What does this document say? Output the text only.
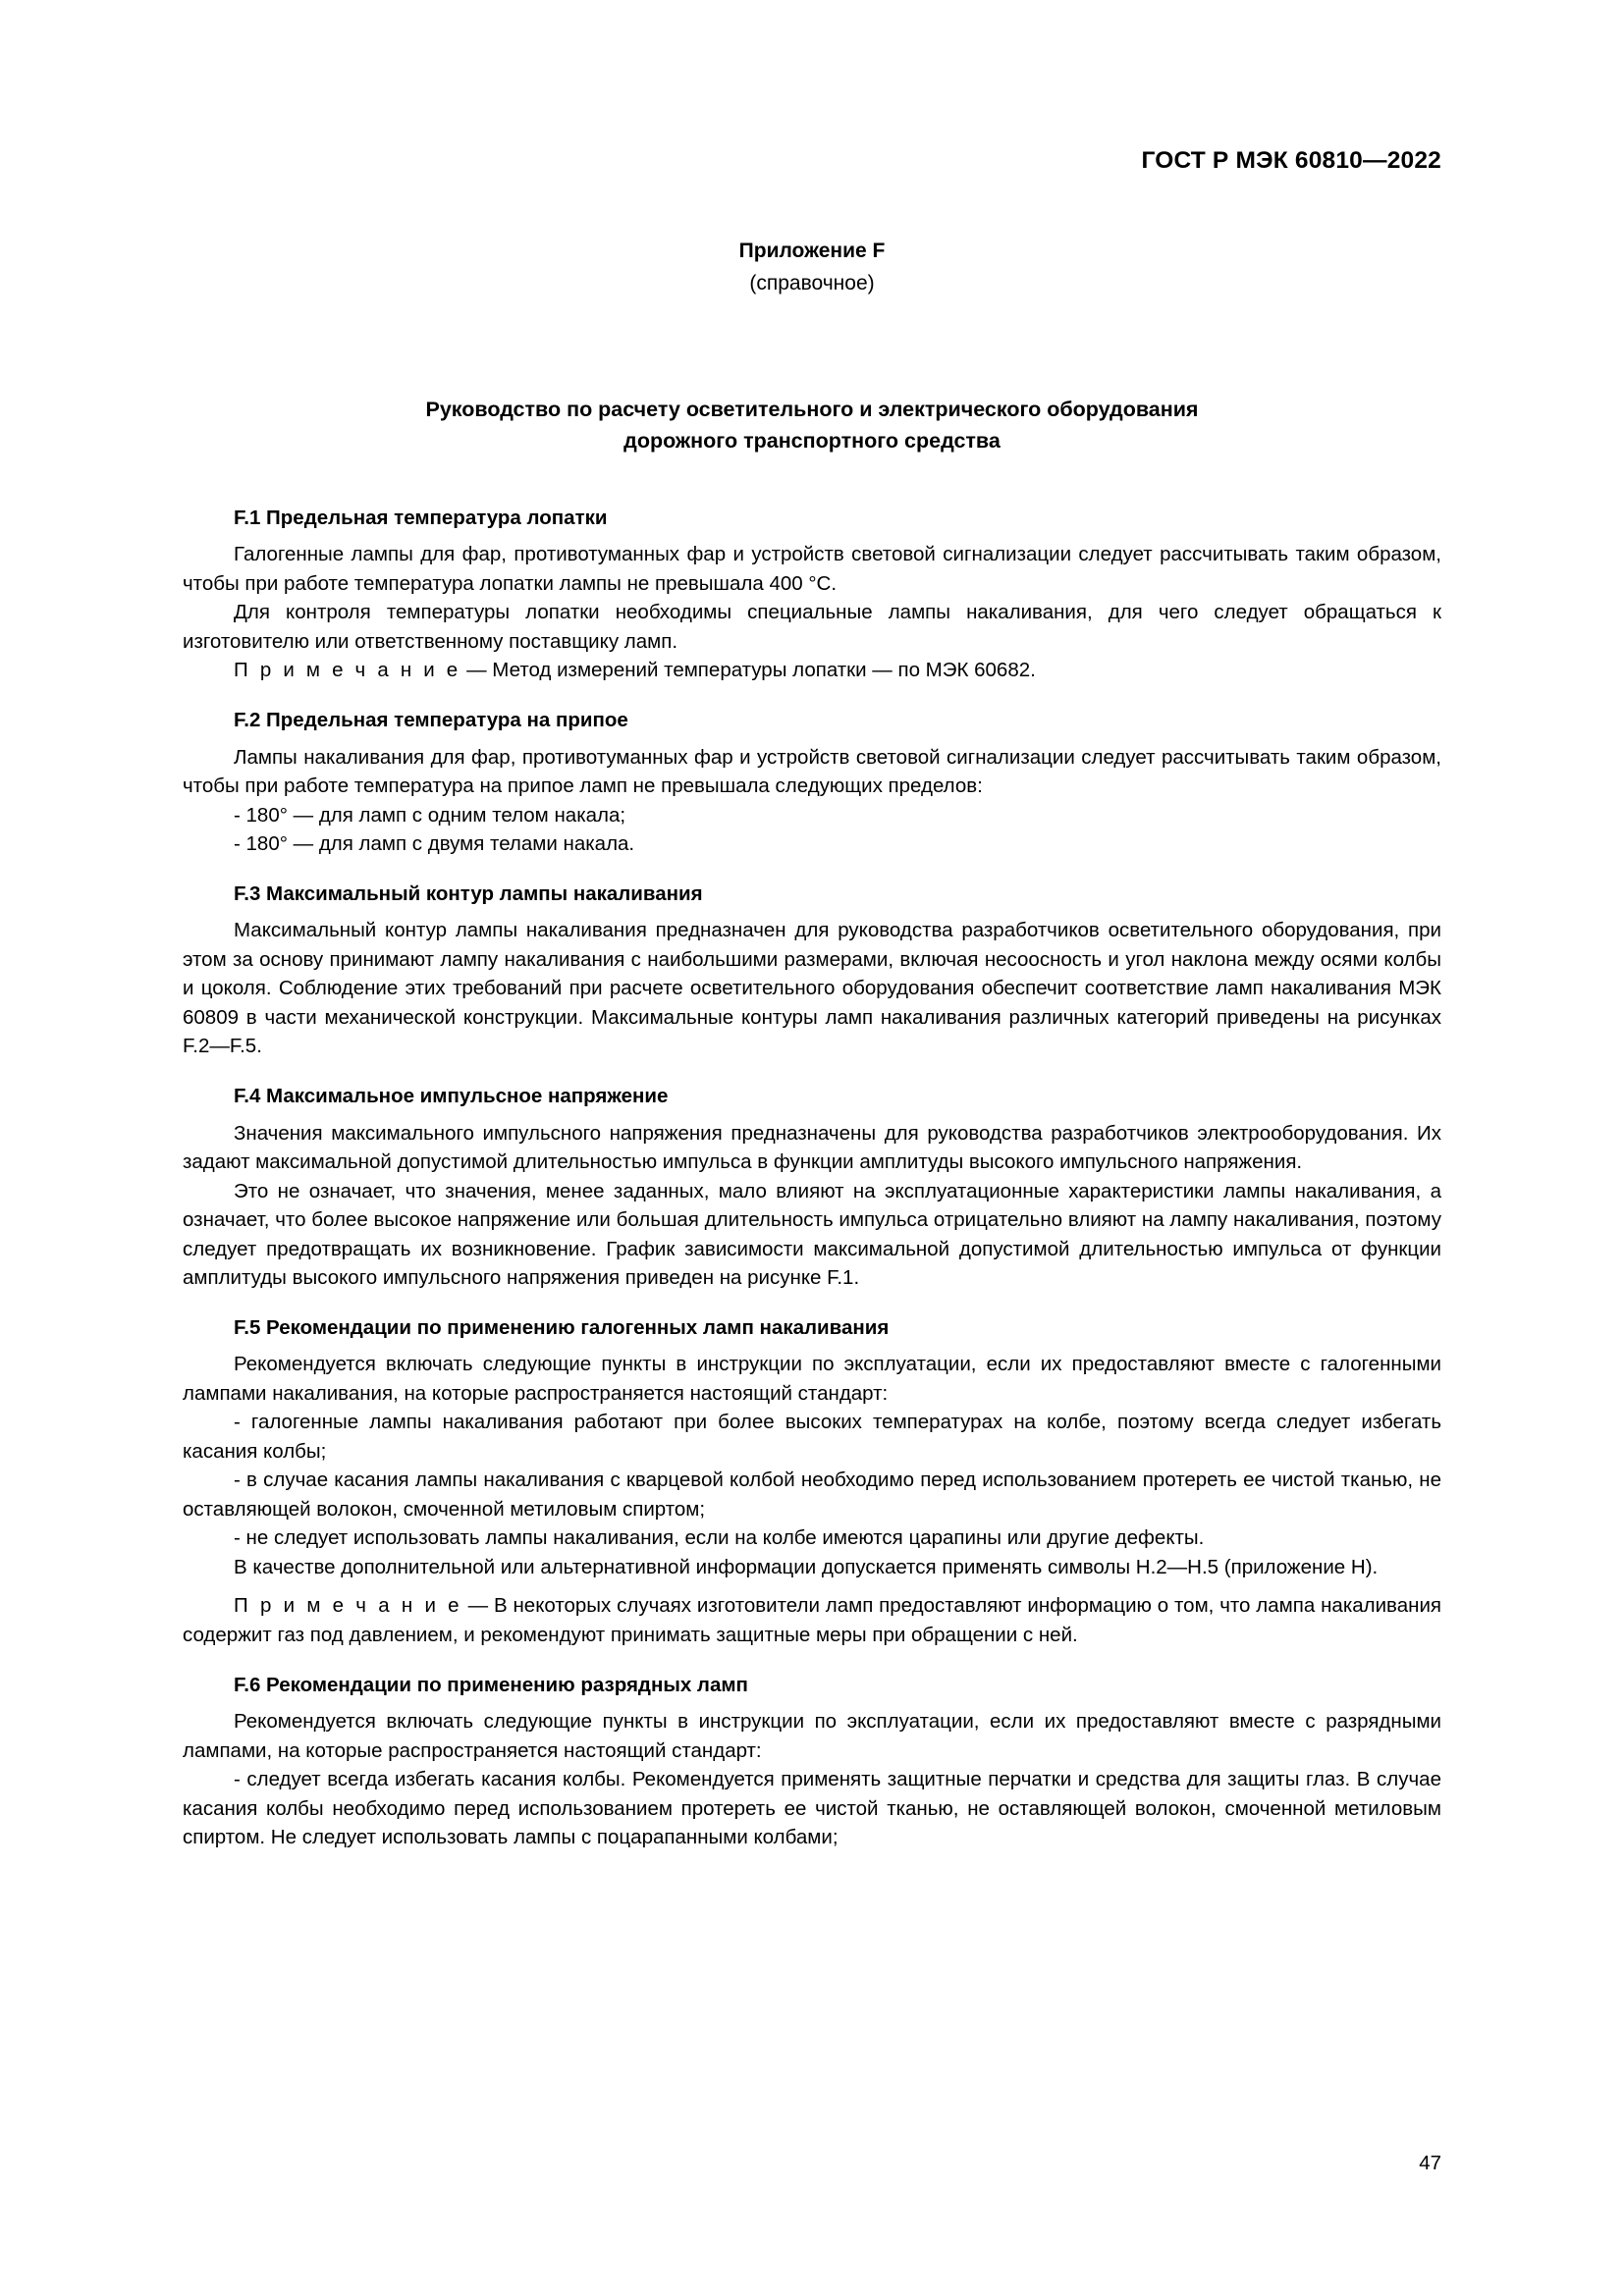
ГОСТ Р МЭК 60810—2022
Приложение F
(справочное)
Руководство по расчету осветительного и электрического оборудования
дорожного транспортного средства
F.1 Предельная температура лопатки

Галогенные лампы для фар, противотуманных фар и устройств световой сигнализации следует рассчитывать таким образом, чтобы при работе температура лопатки лампы не превышала 400 °С.

Для контроля температуры лопатки необходимы специальные лампы накаливания, для чего следует обращаться к изготовителю или ответственному поставщику ламп.

П р и м е ч а н и е — Метод измерений температуры лопатки — по МЭК 60682.

F.2 Предельная температура на припое

Лампы накаливания для фар, противотуманных фар и устройств световой сигнализации следует рассчитывать таким образом, чтобы при работе температура на припое ламп не превышала следующих пределов:

- 180° — для ламп с одним телом накала;

- 180° — для ламп с двумя телами накала.

F.3 Максимальный контур лампы накаливания

Максимальный контур лампы накаливания предназначен для руководства разработчиков осветительного оборудования, при этом за основу принимают лампу накаливания с наибольшими размерами, включая несоосность и угол наклона между осями колбы и цоколя. Соблюдение этих требований при расчете осветительного оборудования обеспечит соответствие ламп накаливания МЭК 60809 в части механической конструкции. Максимальные контуры ламп накаливания различных категорий приведены на рисунках F.2—F.5.

F.4 Максимальное импульсное напряжение

Значения максимального импульсного напряжения предназначены для руководства разработчиков электрооборудования. Их задают максимальной допустимой длительностью импульса в функции амплитуды высокого импульсного напряжения.

Это не означает, что значения, менее заданных, мало влияют на эксплуатационные характеристики лампы накаливания, а означает, что более высокое напряжение или большая длительность импульса отрицательно влияют на лампу накаливания, поэтому следует предотвращать их возникновение. График зависимости максимальной допустимой длительностью импульса от функции амплитуды высокого импульсного напряжения приведен на рисунке F.1.

F.5 Рекомендации по применению галогенных ламп накаливания

Рекомендуется включать следующие пункты в инструкции по эксплуатации, если их предоставляют вместе с галогенными лампами накаливания, на которые распространяется настоящий стандарт:

- галогенные лампы накаливания работают при более высоких температурах на колбе, поэтому всегда следует избегать касания колбы;

- в случае касания лампы накаливания с кварцевой колбой необходимо перед использованием протереть ее чистой тканью, не оставляющей волокон, смоченной метиловым спиртом;

- не следует использовать лампы накаливания, если на колбе имеются царапины или другие дефекты.

В качестве дополнительной или альтернативной информации допускается применять символы Н.2—Н.5 (приложение Н).

П р и м е ч а н и е — В некоторых случаях изготовители ламп предоставляют информацию о том, что лампа накаливания содержит газ под давлением, и рекомендуют принимать защитные меры при обращении с ней.

F.6 Рекомендации по применению разрядных ламп

Рекомендуется включать следующие пункты в инструкции по эксплуатации, если их предоставляют вместе с разрядными лампами, на которые распространяется настоящий стандарт:

- следует всегда избегать касания колбы. Рекомендуется применять защитные перчатки и средства для защиты глаз. В случае касания колбы необходимо перед использованием протереть ее чистой тканью, не оставляющей волокон, смоченной метиловым спиртом. Не следует использовать лампы с поцарапанными колбами;

47
